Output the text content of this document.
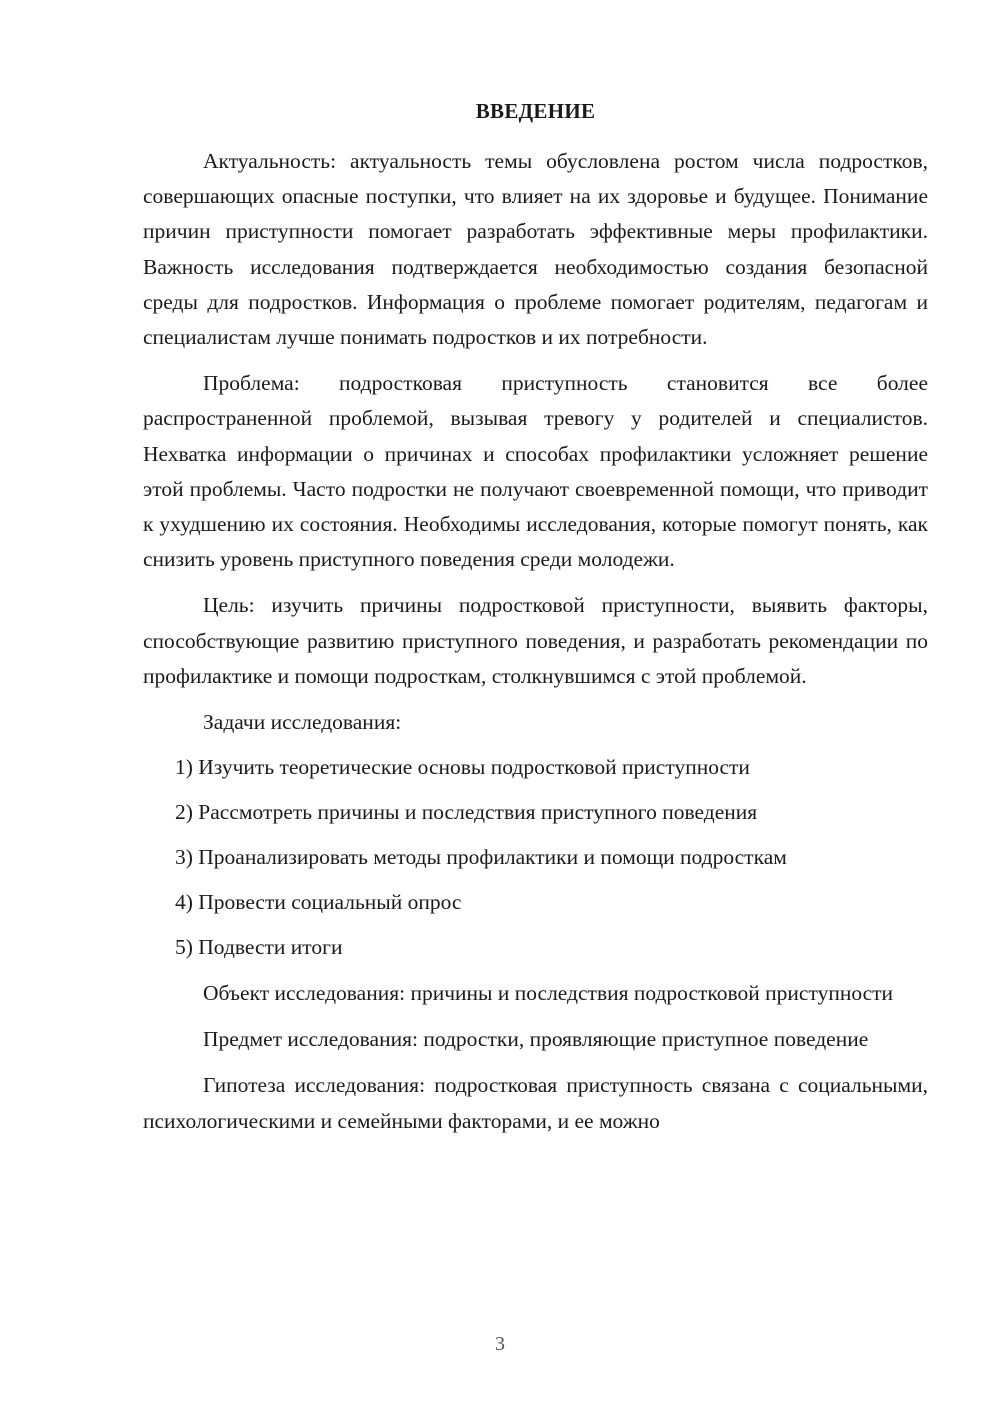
ВВЕДЕНИЕ

Актуальность: актуальность темы обусловлена ростом числа подростков, совершающих опасные поступки, что влияет на их здоровье и будущее. Понимание причин приступности помогает разработать эффективные меры профилактики. Важность исследования подтверждается необходимостью создания безопасной среды для подростков. Информация о проблеме помогает родителям, педагогам и специалистам лучше понимать подростков и их потребности.

Проблема: подростковая приступность становится все более распространенной проблемой, вызывая тревогу у родителей и специалистов. Нехватка информации о причинах и способах профилактики усложняет решение этой проблемы. Часто подростки не получают своевременной помощи, что приводит к ухудшению их состояния. Необходимы исследования, которые помогут понять, как снизить уровень приступного поведения среди молодежи.

Цель: изучить причины подростковой приступности, выявить факторы, способствующие развитию приступного поведения, и разработать рекомендации по профилактике и помощи подросткам, столкнувшимся с этой проблемой.

Задачи исследования:

1) Изучить теоретические основы подростковой приступности

2) Рассмотреть причины и последствия приступного поведения

3) Проанализировать методы профилактики и помощи подросткам

4) Провести социальный опрос

5) Подвести итоги

Объект исследования: причины и последствия подростковой приступности

Предмет исследования: подростки, проявляющие приступное поведение

Гипотеза исследования: подростковая приступность связана с социальными, психологическими и семейными факторами, и ее можно

3
